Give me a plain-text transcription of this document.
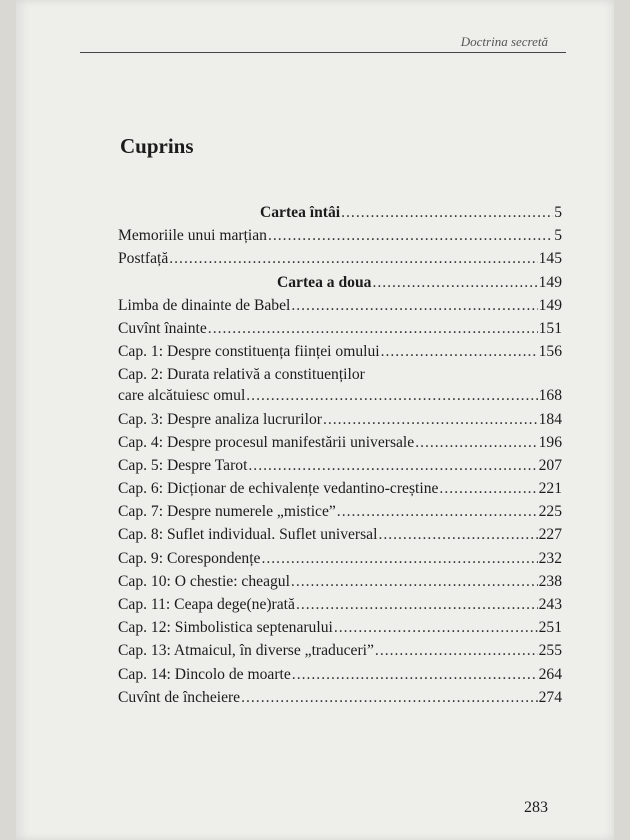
Doctrina secretă
Cuprins
Cartea întâi .....	5
Memoriile unui marțian .....	5
Postfață .....	145
Cartea a doua .....	149
Limba de dinainte de Babel .....	149
Cuvînt înainte .....	151
Cap. 1: Despre constituența ființei omului .....	156
Cap. 2: Durata relativă a constituenților
care alcătuiesc omul .....	168
Cap. 3: Despre analiza lucrurilor .....	184
Cap. 4: Despre procesul manifestării universale .....	196
Cap. 5: Despre Tarot .....	207
Cap. 6: Dicționar de echivalențe vedantino-creștine .....	221
Cap. 7: Despre numerele „mistice” .....	225
Cap. 8: Suflet individual. Suflet universal .....	227
Cap. 9: Corespondențe .....	232
Cap. 10: O chestie: cheagul .....	238
Cap. 11: Ceapa dege(ne)rată .....	243
Cap. 12: Simbolistica septenarului .....	251
Cap. 13: Atmaicul, în diverse „traduceri” .....	255
Cap. 14: Dincolo de moarte .....	264
Cuvînt de încheiere .....	274
283
